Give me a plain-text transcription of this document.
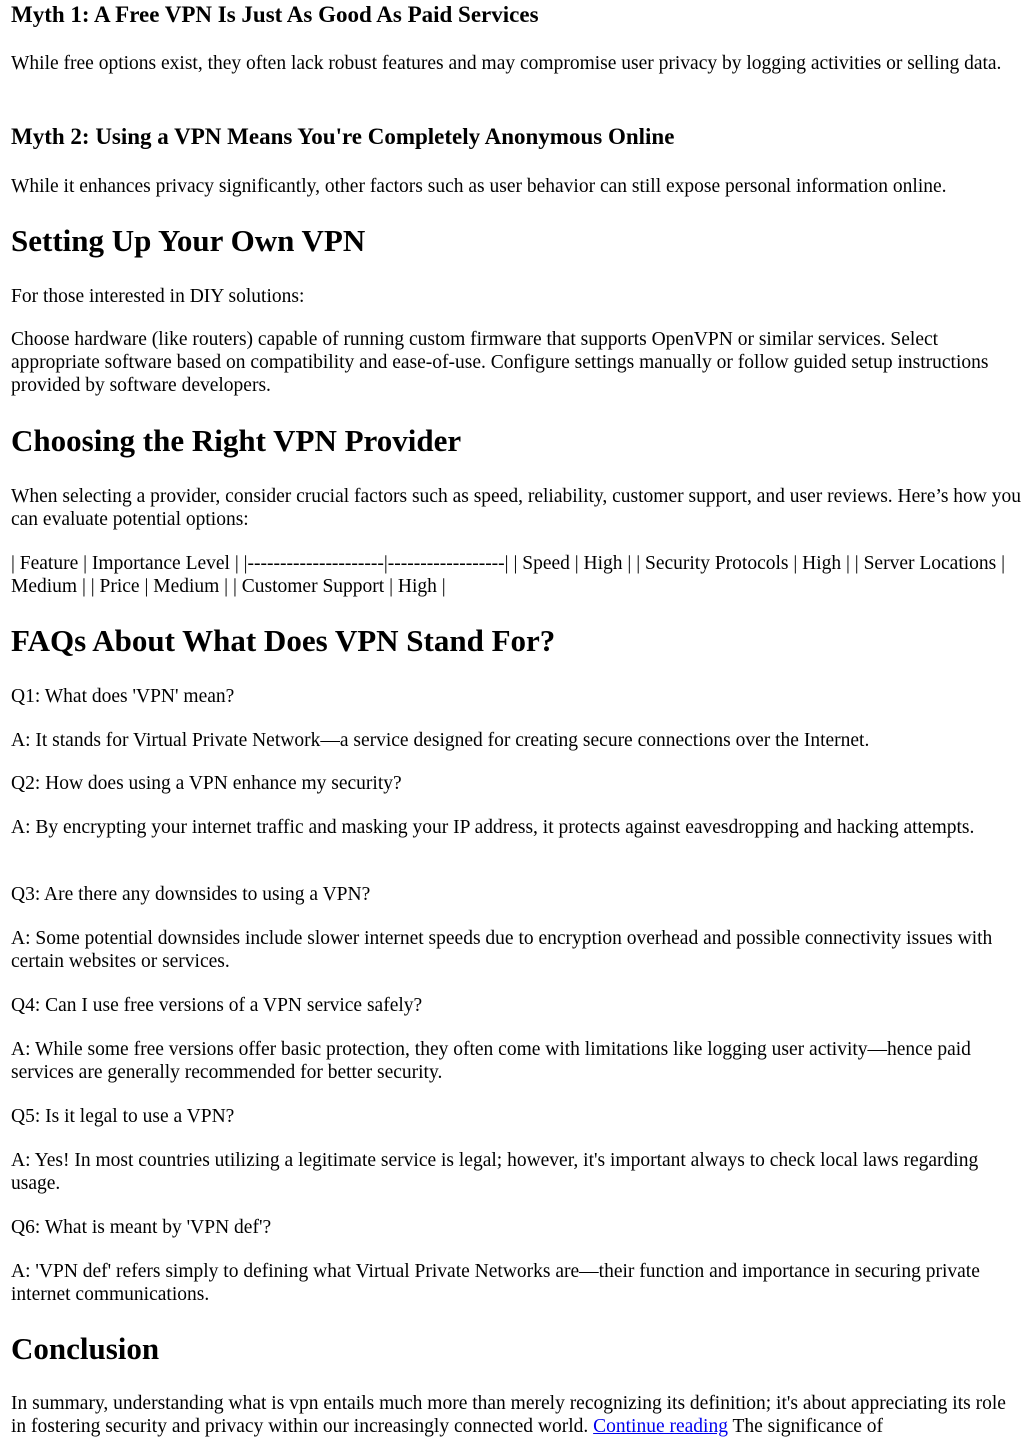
Myth 1: A Free VPN Is Just As Good As Paid Services

While free options exist, they often lack robust features and may compromise user privacy by logging activities or selling data.

Myth 2: Using a VPN Means You're Completely Anonymous Online

While it enhances privacy significantly, other factors such as user behavior can still expose personal information online.

Setting Up Your Own VPN

For those interested in DIY solutions:

Choose hardware (like routers) capable of running custom firmware that supports OpenVPN or similar services. Select appropriate software based on compatibility and ease-of-use. Configure settings manually or follow guided setup instructions provided by software developers.

Choosing the Right VPN Provider

When selecting a provider, consider crucial factors such as speed, reliability, customer support, and user reviews. Here’s how you can evaluate potential options:

| Feature | Importance Level | |---------------------|------------------| | Speed | High | | Security Protocols | High | | Server Locations | Medium | | Price | Medium | | Customer Support | High |

FAQs About What Does VPN Stand For?

Q1: What does 'VPN' mean?

A: It stands for Virtual Private Network—a service designed for creating secure connections over the Internet.

Q2: How does using a VPN enhance my security?

A: By encrypting your internet traffic and masking your IP address, it protects against eavesdropping and hacking attempts.

Q3: Are there any downsides to using a VPN?

A: Some potential downsides include slower internet speeds due to encryption overhead and possible connectivity issues with certain websites or services.

Q4: Can I use free versions of a VPN service safely?

A: While some free versions offer basic protection, they often come with limitations like logging user activity—hence paid services are generally recommended for better security.

Q5: Is it legal to use a VPN?

A: Yes! In most countries utilizing a legitimate service is legal; however, it's important always to check local laws regarding usage.

Q6: What is meant by 'VPN def'?

A: 'VPN def' refers simply to defining what Virtual Private Networks are—their function and importance in securing private internet communications.

Conclusion

In summary, understanding what is vpn entails much more than merely recognizing its definition; it's about appreciating its role in fostering security and privacy within our increasingly connected world. Continue reading The significance of
